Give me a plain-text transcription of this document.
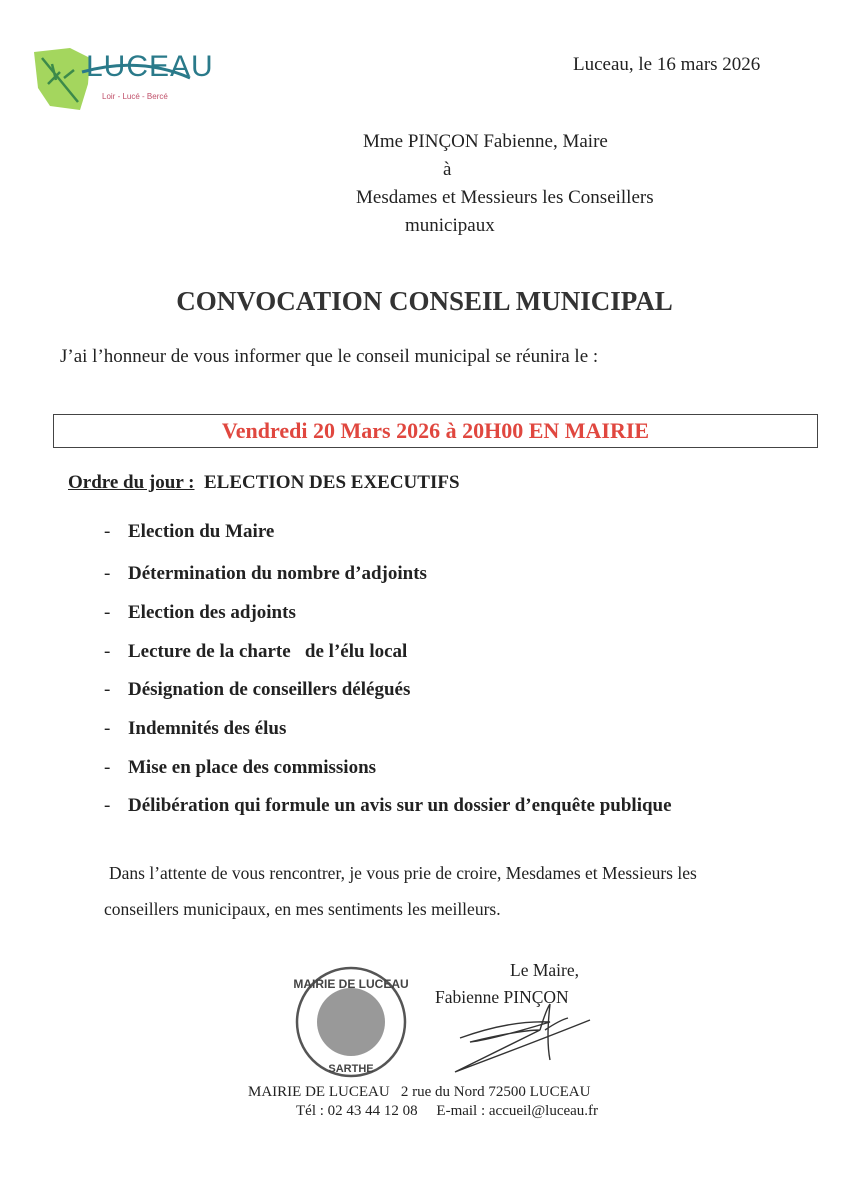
LUCEAU
Loir - Lucé - Bercé
Luceau, le 16 mars 2026
Mme PINÇON Fabienne, Maire
à
Mesdames et Messieurs les Conseillers
municipaux
CONVOCATION CONSEIL MUNICIPAL
J’ai l’honneur de vous informer que le conseil municipal se réunira le :
Vendredi 20 Mars 2026 à 20H00 EN MAIRIE
Ordre du jour : ELECTION DES EXECUTIFS
- Election du Maire
- Détermination du nombre d’adjoints
- Election des adjoints
- Lecture de la charte   de l’élu local
- Désignation de conseillers délégués
- Indemnités des élus
- Mise en place des commissions
- Délibération qui formule un avis sur un dossier d’enquête publique
Dans l’attente de vous rencontrer, je vous prie de croire, Mesdames et Messieurs les
conseillers municipaux, en mes sentiments les meilleurs.
Le Maire,
Fabienne PINÇON
MAIRIE DE LUCEAU
SARTHE
MAIRIE DE LUCEAU   2 rue du Nord 72500 LUCEAU
Tél : 02 43 44 12 08     E-mail : accueil@luceau.fr
